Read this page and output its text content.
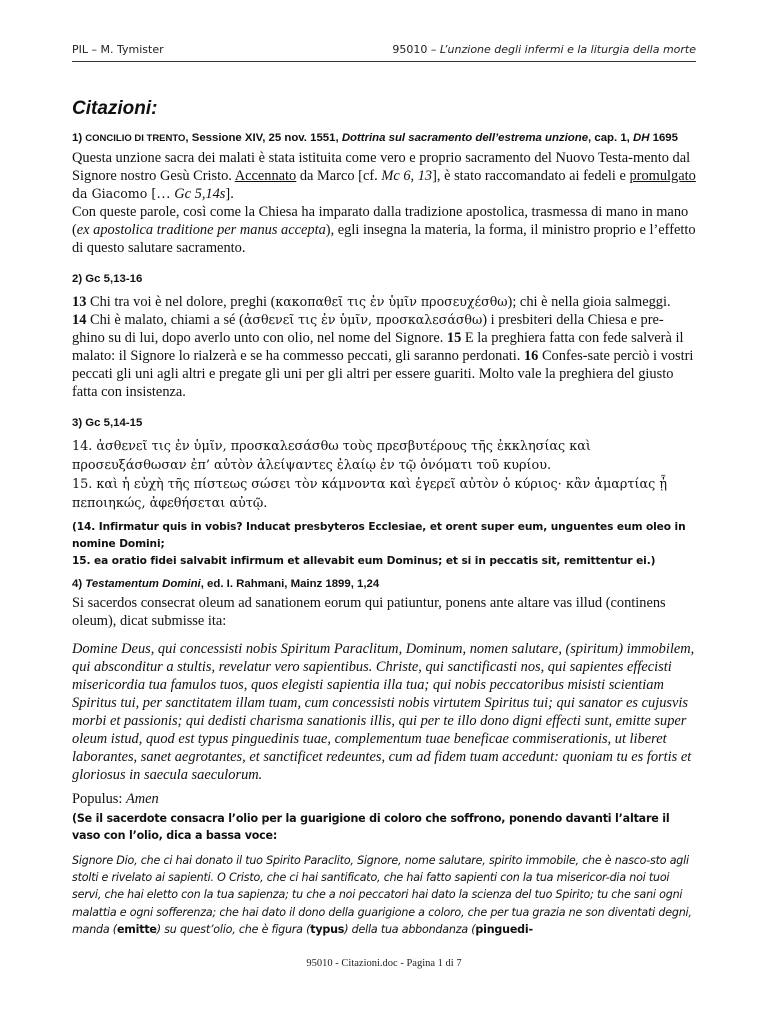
PIL – M. Tymister	95010 – L’unzione degli infermi e la liturgia della morte
Citazioni:
1) CONCILIO DI TRENTO, Sessione XIV, 25 nov. 1551, Dottrina sul sacramento dell’estrema unzione, cap. 1, DH 1695

Questa unzione sacra dei malati è stata istituita come vero e proprio sacramento del Nuovo Testa-mento dal Signore nostro Gesù Cristo. Accennato da Marco [cf. Mc 6, 13], è stato raccomandato ai fedeli e promulgato da Giacomo [… Gc 5,14s].

Con queste parole, così come la Chiesa ha imparato dalla tradizione apostolica, trasmessa di mano in mano (ex apostolica traditione per manus accepta), egli insegna la materia, la forma, il ministro proprio e l’effetto di questo salutare sacramento.

2) Gc 5,13-16

13 Chi tra voi è nel dolore, preghi (κακοπαθεῖ τις ἐν ὑμῖν προσευχέσθω); chi è nella gioia salmeggi.
14 Chi è malato, chiami a sé (ἀσθενεῖ τις ἐν ὑμῖν, προσκαλεσάσθω) i presbiteri della Chiesa e pre-ghino su di lui, dopo averlo unto con olio, nel nome del Signore. 15 E la preghiera fatta con fede salverà il malato: il Signore lo rialzerà e se ha commesso peccati, gli saranno perdonati. 16 Confes-sate perciò i vostri peccati gli uni agli altri e pregate gli uni per gli altri per essere guariti. Molto vale la preghiera del giusto fatta con insistenza.

3) Gc 5,14-15

14. ἀσθενεῖ τις ἐν ὑμῖν, προσκαλεσάσθω τοὺς πρεσβυτέρους τῆς ἐκκλησίας καὶ προσευξάσθωσαν ἐπ’ αὐτὸν ἀλείψαντες ἐλαίῳ ἐν τῷ ὀνόματι τοῦ κυρίου.
15. καὶ ἡ εὐχὴ τῆς πίστεως σώσει τὸν κάμνοντα καὶ ἐγερεῖ αὐτὸν ὁ κύριος· κἂν ἁμαρτίας ᾖ πεποιηκώς, ἀφεθήσεται αὐτῷ.

(14. Infirmatur quis in vobis? Inducat presbyteros Ecclesiae, et orent super eum, unguentes eum oleo in nomine Domini;
15. ea oratio fidei salvabit infirmum et allevabit eum Dominus; et si in peccatis sit, remittentur ei.)

4) Testamentum Domini, ed. I. Rahmani, Mainz 1899, 1,24

Si sacerdos consecrat oleum ad sanationem eorum qui patiuntur, ponens ante altare vas illud (continens oleum), dicat submisse ita:

Domine Deus, qui concessisti nobis Spiritum Paraclitum, Dominum, nomen salutare, (spiritum) immobilem, qui absconditur a stultis, revelatur vero sapientibus. Christe, qui sanctificasti nos, qui sapientes effecisti misericordia tua famulos tuos, quos elegisti sapientia illa tua; qui nobis peccatoribus misisti scientiam Spiritus tui, per sanctitatem illam tuam, cum concessisti nobis virtutem Spiritus tui; qui sanator es cujusvis morbi et passionis; qui dedisti charisma sanationis illis, qui per te illo dono digni effecti sunt, emitte super oleum istud, quod est typus pinguedinis tuae, complementum tuae beneficae commiserationis, ut liberet laborantes, sanet aegrotantes, et sanctificet redeuntes, cum ad fidem tuam accedunt: quoniam tu es fortis et gloriosus in saecula saeculorum.

Populus: Amen

(Se il sacerdote consacra l’olio per la guarigione di coloro che soffrono, ponendo davanti l’altare il vaso con l’olio, dica a bassa voce:

Signore Dio, che ci hai donato il tuo Spirito Paraclito, Signore, nome salutare, spirito immobile, che è nasco-sto agli stolti e rivelato ai sapienti. O Cristo, che ci hai santificato, che hai fatto sapienti con la tua misericor-dia noi tuoi servi, che hai eletto con la tua sapienza; tu che a noi peccatori hai dato la scienza del tuo Spirito; tu che sani ogni malattia e ogni sofferenza; che hai dato il dono della guarigione a coloro, che per tua grazia ne son diventati degni, manda (emitte) su quest’olio, che è figura (typus) della tua abbondanza (pinguedi-

95010 - Citazioni.doc - Pagina 1 di 7
